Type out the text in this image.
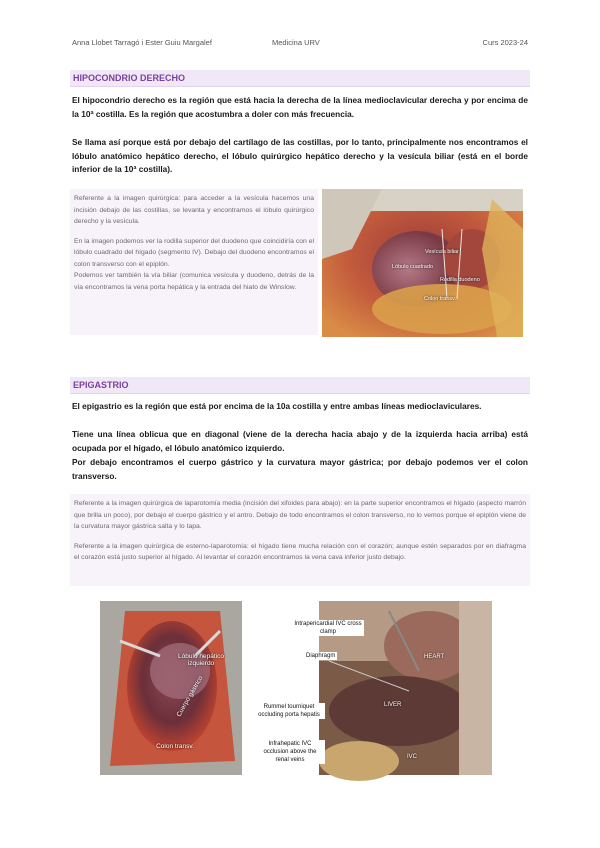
Anna Llobet Tarragó i Ester Guiu Margalef	Medicina URV	Curs 2023-24
HIPOCONDRIO DERECHO
El hipocondrio derecho es la región que está hacia la derecha de la línea medioclavicular derecha y por encima de la 10ª costilla. Es la región que acostumbra a doler con más frecuencia.
Se llama así porque está por debajo del cartílago de las costillas, por lo tanto, principalmente nos encontramos el lóbulo anatómico hepático derecho, el lóbulo quirúrgico hepático derecho y la vesícula biliar (está en el borde inferior de la 10ª costilla).

Referente a la imagen quirúrgica: para acceder a la vesícula hacemos una incisión debajo de las costillas, se levanta y encontramos el lóbulo quirúrgico derecho y la vesícula.

En la imagen podemos ver la rodilla superior del duodeno que coincidiría con el lóbulo cuadrado del hígado (segmento IV). Debajo del duodeno encontramos el colon transverso con el epiplón.

Podemos ver también la vía biliar (comunica vesícula y duodeno, detrás de la vía encontramos la vena porta hepática y la entrada del hiato de Winslow.

Vesícula biliar
Lóbulo cuadrado
Rodilla duodeno
Colon transv.
EPIGASTRIO
El epigastrio es la región que está por encima de la 10a costilla y entre ambas líneas medioclaviculares.
Tiene una línea oblicua que en diagonal (viene de la derecha hacia abajo y de la izquierda hacia arriba) está ocupada por el hígado, el lóbulo anatómico izquierdo.
Por debajo encontramos el cuerpo gástrico y la curvatura mayor gástrica; por debajo podemos ver el colon transverso.

Referente a la imagen quirúrgica de laparotomía media (incisión del xifoides para abajo): en la parte superior encontramos el hígado (aspecto marrón que brilla un poco), por debajo el cuerpo gástrico y el antro. Debajo de todo encontramos el colon transverso, no lo vemos porque el epiplón viene de la curvatura mayor gástrica salta y lo tapa.

Referente a la imagen quirúrgica de esterno-laparotomía: el hígado tiene mucha relación con el corazón; aunque estén separados por en diafragma el corazón está justo superior al hígado. Al levantar el corazón encontramos la vena cava inferior justo debajo.

Lóbulo hepático izquierdo
Cuerpo gástrico
Colon transv.
Intrapericardial IVC cross clamp
Diaphragm	HEART
LIVER
Rummel tourniquet occluding porta hepatis
Infrahepatic IVC occlusion above the renal veins	IVC
